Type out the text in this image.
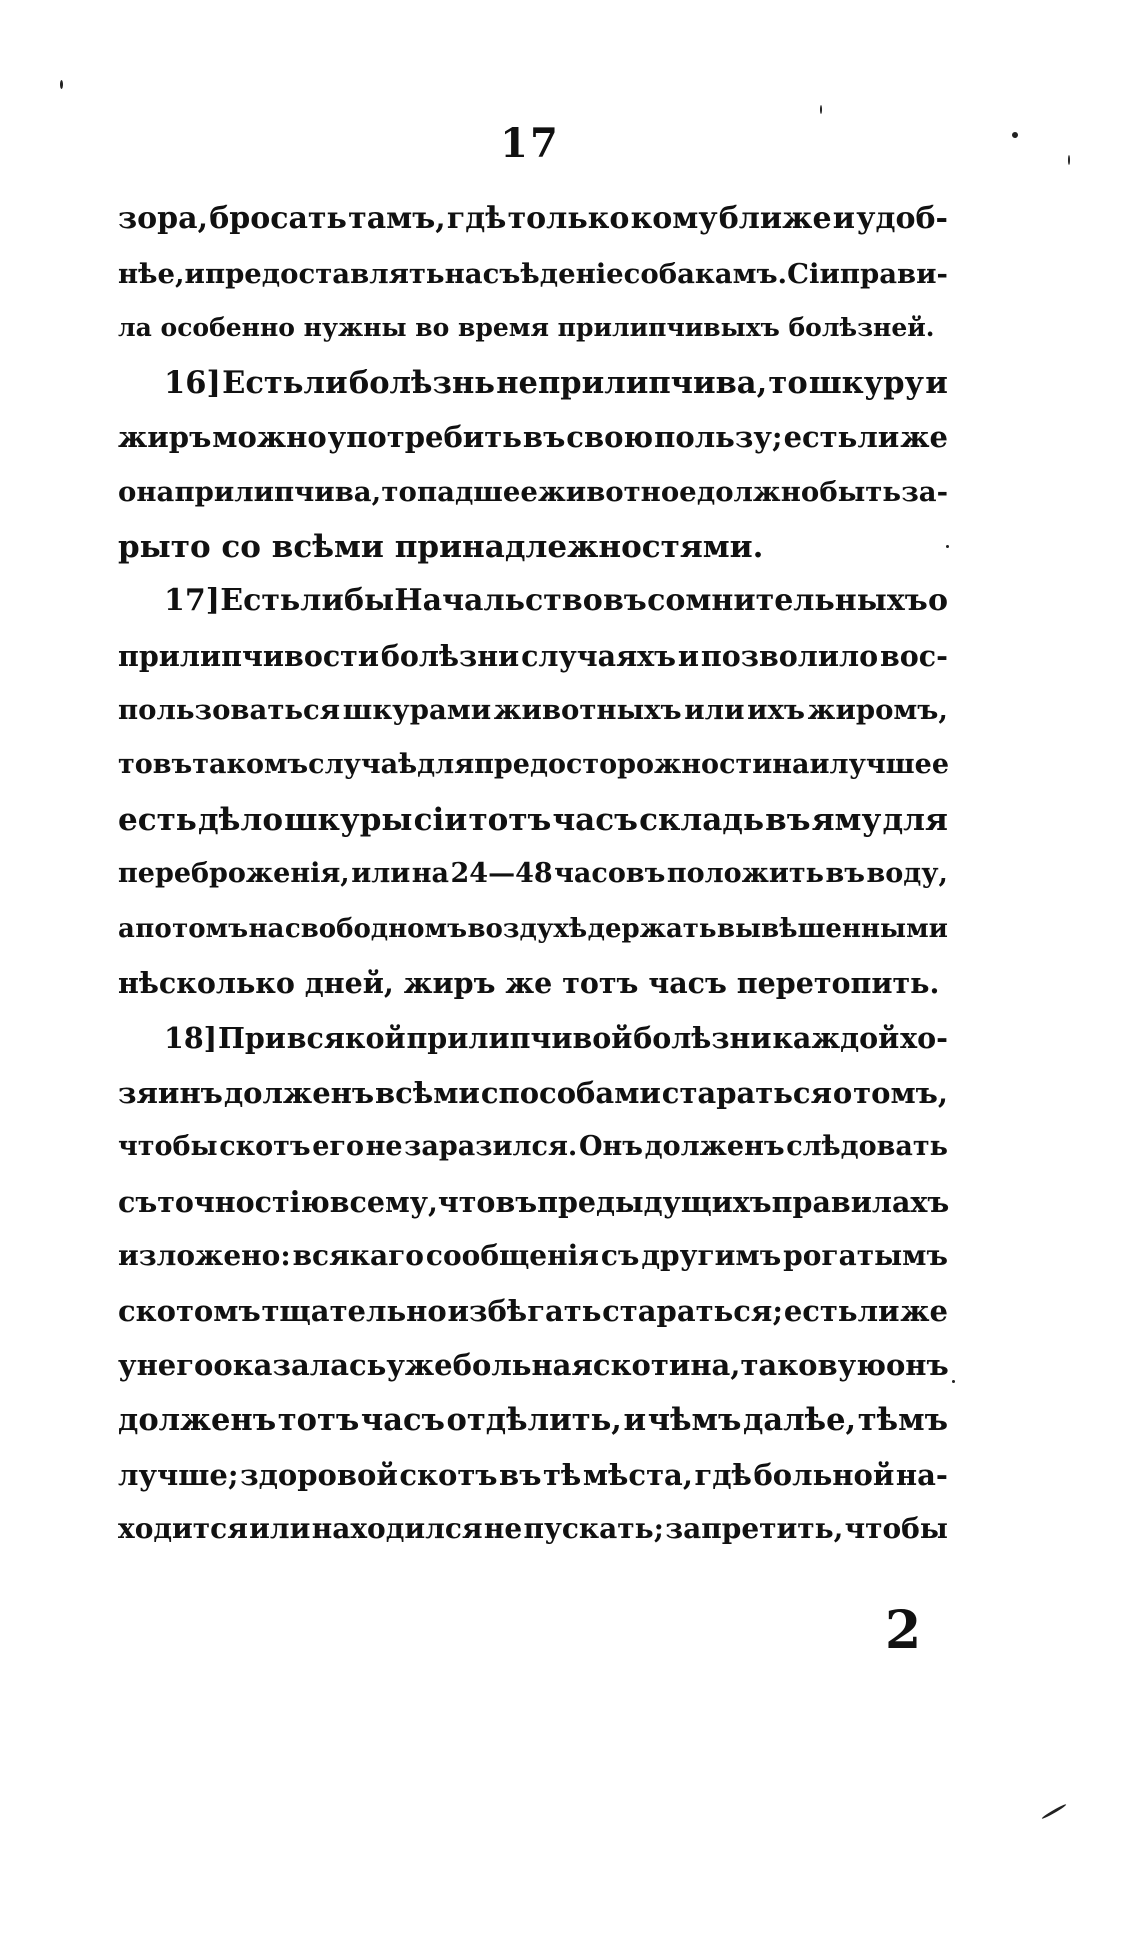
17
зора, бросать тамъ, гдѣ только кому ближе и удоб-
нѣе, и предоставлять на съѣденіе собакамъ. Сіи прави-
ла особенно нужны во время прилипчивыхъ болѣзней.
16] Естьли болѣзнь неприлипчива, то шкуру и
жиръ можно употребить въ свою пользу; естьли же
она прилипчива, то падшее животное должно быть за-
рыто со всѣми принадлежностями.
17] Естьли бы Начальство въ сомнительныхъ о
прилипчивости болѣзни случаяхъ и позволило вос-
пользоваться шкурами животныхъ или ихъ жиромъ,
то въ такомъ случаѣ для предосторожности наилучшее
есть дѣло шкуры сіи тотъ часъ складь въ яму для
переброженія, или на 24—48 часовъ положить въ воду,
а по томъ на свободномъ воздухѣ держать вывѣшенными
нѣсколько дней, жиръ же тотъ часъ перетопить.
18] При всякой прилипчивой болѣзни каждой хо-
зяинъ долженъ всѣми способами стараться о томъ,
чтобы скотъ его не заразился. Онъ долженъ слѣдовать
съ точностію всему, что въ предыдущихъ правилахъ
изложено: всякаго сообщенія съ другимъ рогатымъ
скотомъ тщательно избѣгать стараться; естьли же
у него оказалась уже больная скотина, таковую онъ
долженъ тотъ часъ отдѣлить, и чѣмъ далѣе, тѣмъ
лучше; здоровой скотъ въ тѣ мѣста, гдѣ больной на-
ходится или находился не пускать; запретить, чтобы
2
